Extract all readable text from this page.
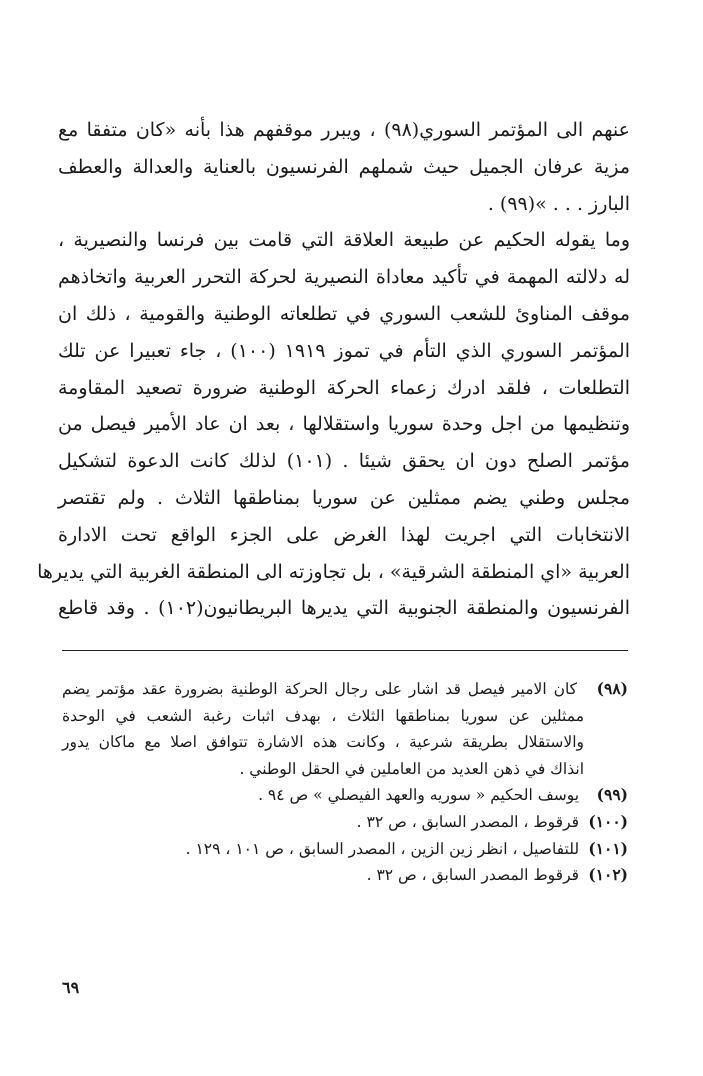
عنهم الى المؤتمر السوري(٩٨) ، ويبرر موقفهم هذا بأنه «كان متفقا مع
مزية عرفان الجميل حيث شملهم الفرنسيون بالعناية والعدالة والعطف
البارز . . . »(٩٩) .
وما يقوله الحكيم عن طبيعة العلاقة التي قامت بين فرنسا والنصيرية ،
له دلالته المهمة في تأكيد معاداة النصيرية لحركة التحرر العربية واتخاذهم
موقف المناوئ للشعب السوري في تطلعاته الوطنية والقومية ، ذلك ان
المؤتمر السوري الذي التأم في تموز ١٩١٩ (١٠٠) ، جاء تعبيرا عن تلك
التطلعات ، فلقد ادرك زعماء الحركة الوطنية ضرورة تصعيد المقاومة
وتنظيمها من اجل وحدة سوريا واستقلالها ، بعد ان عاد الأمير فيصل من
مؤتمر الصلح دون ان يحقق شيئا . (١٠١) لذلك كانت الدعوة لتشكيل
مجلس وطني يضم ممثلين عن سوريا بمناطقها الثلاث . ولم تقتصر
الانتخابات التي اجريت لهذا الغرض على الجزء الواقع تحت الادارة
العربية «اي المنطقة الشرقية» ، بل تجاوزته الى المنطقة الغربية التي يديرها
الفرنسيون والمنطقة الجنوبية التي يديرها البريطانيون(١٠٢) . وقد قاطع
(٩٨) كان الامير فيصل قد اشار على رجال الحركة الوطنية بضرورة عقد مؤتمر يضم
ممثلين عن سوريا بمناطقها الثلاث ، بهدف اثبات رغبة الشعب في الوحدة
والاستقلال بطريقة شرعية ، وكانت هذه الاشارة تتوافق اصلا مع ماكان يدور
انذاك في ذهن العديد من العاملين في الحقل الوطني .
(٩٩) يوسف الحكيم « سوريه والعهد الفيصلي » ص ٩٤ .
(١٠٠) قرقوط ، المصدر السابق ، ص ٣٢ .
(١٠١) للتفاصيل ، انظر زين الزين ، المصدر السابق ، ص ١٠١ ، ١٢٩ .
(١٠٢) قرقوط المصدر السابق ، ص ٣٢ .
٦٩
